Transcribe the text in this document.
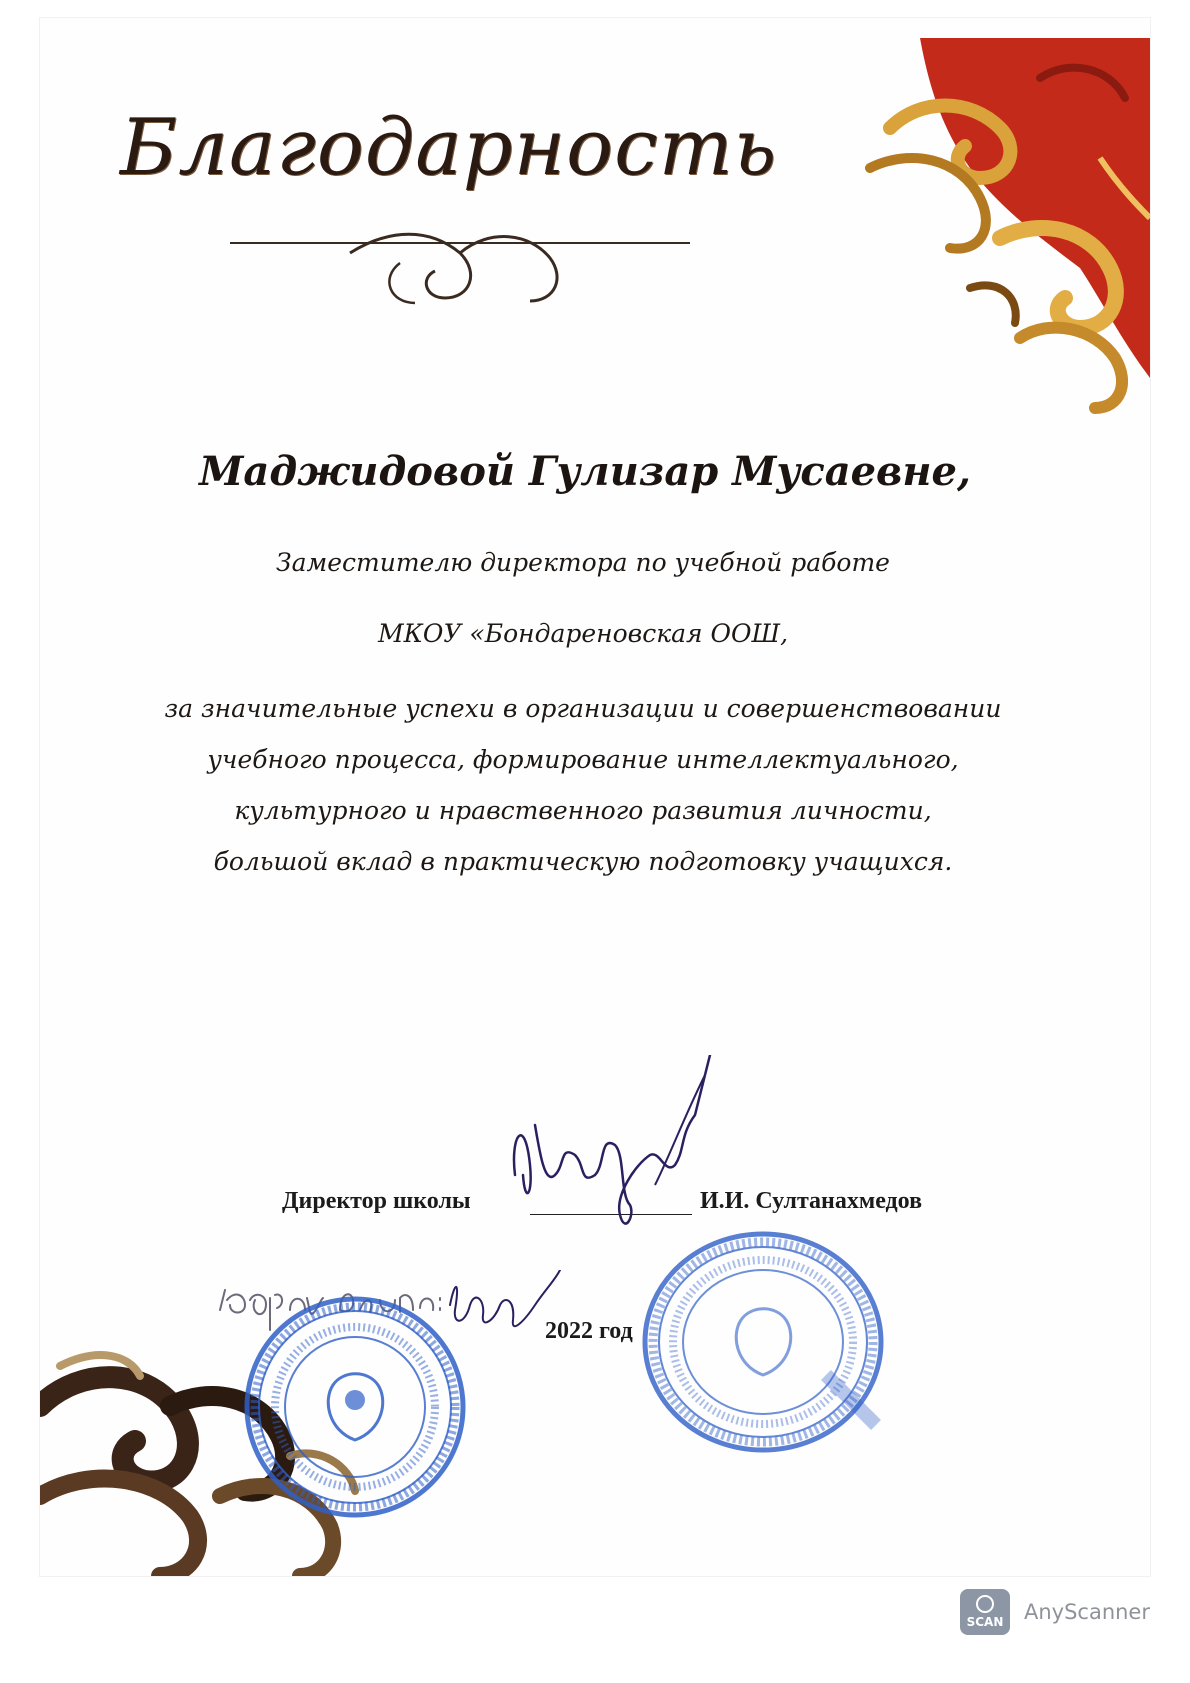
Благодарность
Маджидовой Гулизар Мусаевне,
Заместителю директора по учебной работе
МКОУ «Бондареновская ООШ,
за значительные успехи в организации и совершенствовании
учебного процесса, формирование интеллектуального,
культурного и нравственного развития личности,
большой вклад в практическую подготовку учащихся.
Директор школы	И.И. Султанахмедов
2022 год
SCAN AnyScanner
